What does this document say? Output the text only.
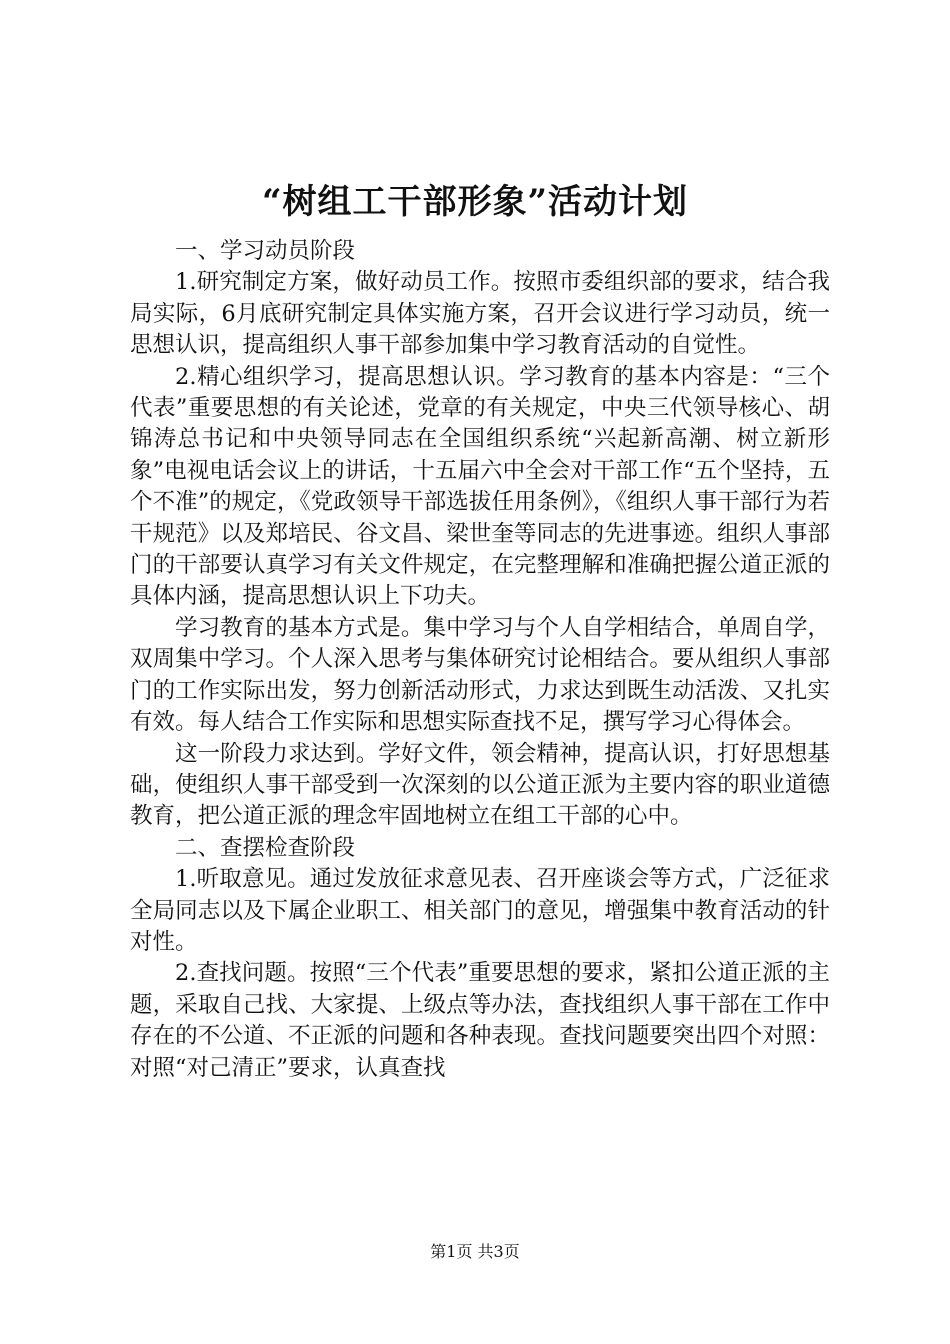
“树组工干部形象”活动计划

一、学习动员阶段

1.研究制定方案，做好动员工作。按照市委组织部的要求，结合我局实际，6月底研究制定具体实施方案，召开会议进行学习动员，统一思想认识，提高组织人事干部参加集中学习教育活动的自觉性。

2.精心组织学习，提高思想认识。学习教育的基本内容是：“三个代表”重要思想的有关论述，党章的有关规定，中央三代领导核心、胡锦涛总书记和中央领导同志在全国组织系统“兴起新高潮、树立新形象”电视电话会议上的讲话，十五届六中全会对干部工作“五个坚持，五个不准”的规定，《党政领导干部选拔任用条例》，《组织人事干部行为若干规范》以及郑培民、谷文昌、梁世奎等同志的先进事迹。组织人事部门的干部要认真学习有关文件规定，在完整理解和准确把握公道正派的具体内涵，提高思想认识上下功夫。

学习教育的基本方式是。集中学习与个人自学相结合，单周自学，双周集中学习。个人深入思考与集体研究讨论相结合。要从组织人事部门的工作实际出发，努力创新活动形式，力求达到既生动活泼、又扎实有效。每人结合工作实际和思想实际查找不足，撰写学习心得体会。

这一阶段力求达到。学好文件，领会精神，提高认识，打好思想基础，使组织人事干部受到一次深刻的以公道正派为主要内容的职业道德教育，把公道正派的理念牢固地树立在组工干部的心中。

二、查摆检查阶段

1.听取意见。通过发放征求意见表、召开座谈会等方式，广泛征求全局同志以及下属企业职工、相关部门的意见，增强集中教育活动的针对性。

2.查找问题。按照“三个代表”重要思想的要求，紧扣公道正派的主题，采取自己找、大家提、上级点等办法，查找组织人事干部在工作中存在的不公道、不正派的问题和各种表现。查找问题要突出四个对照：对照“对己清正”要求，认真查找

第1页 共3页
